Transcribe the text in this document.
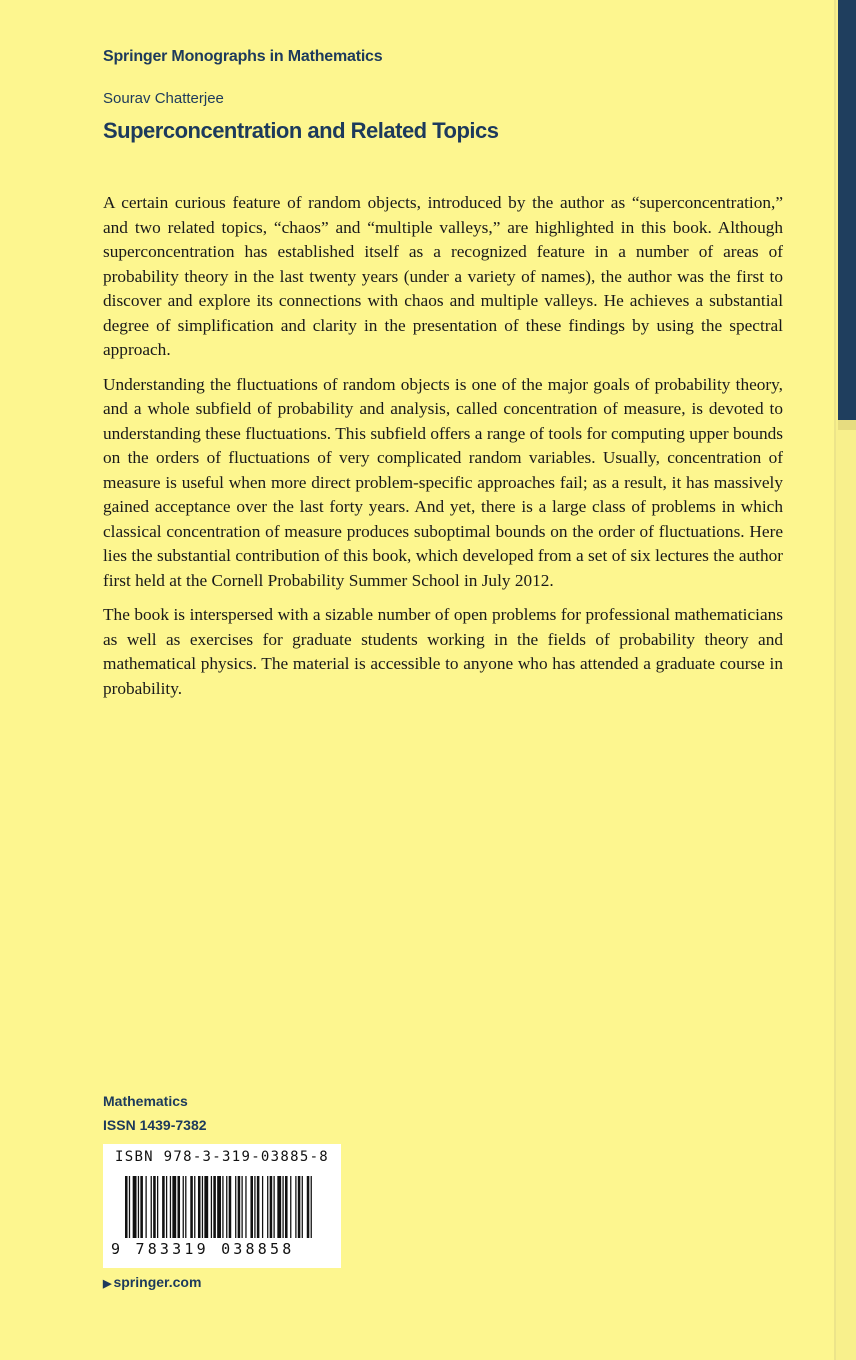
Springer Monographs in Mathematics
Sourav Chatterjee
Superconcentration and Related Topics

A certain curious feature of random objects, introduced by the author as “superconcentration,” and two related topics, “chaos” and “multiple valleys,” are highlighted in this book. Although superconcentration has established itself as a recognized feature in a number of areas of probability theory in the last twenty years (under a variety of names), the author was the first to discover and explore its connections with chaos and multiple valleys. He achieves a substantial degree of simplification and clarity in the presentation of these findings by using the spectral approach.

Understanding the fluctuations of random objects is one of the major goals of probability theory, and a whole subfield of probability and analysis, called concentration of measure, is devoted to understanding these fluctuations. This subfield offers a range of tools for computing upper bounds on the orders of fluctuations of very complicated random variables. Usually, concentration of measure is useful when more direct problem-specific approaches fail; as a result, it has massively gained acceptance over the last forty years. And yet, there is a large class of problems in which classical concentration of measure produces suboptimal bounds on the order of fluctuations. Here lies the substantial contribution of this book, which developed from a set of six lectures the author first held at the Cornell Probability Summer School in July 2012.

The book is interspersed with a sizable number of open problems for professional mathematicians as well as exercises for graduate students working in the fields of probability theory and mathematical physics. The material is accessible to anyone who has attended a graduate course in probability.

Mathematics
ISSN 1439-7382
ISBN 978-3-319-03885-8
9 783319 038858
▶ springer.com
